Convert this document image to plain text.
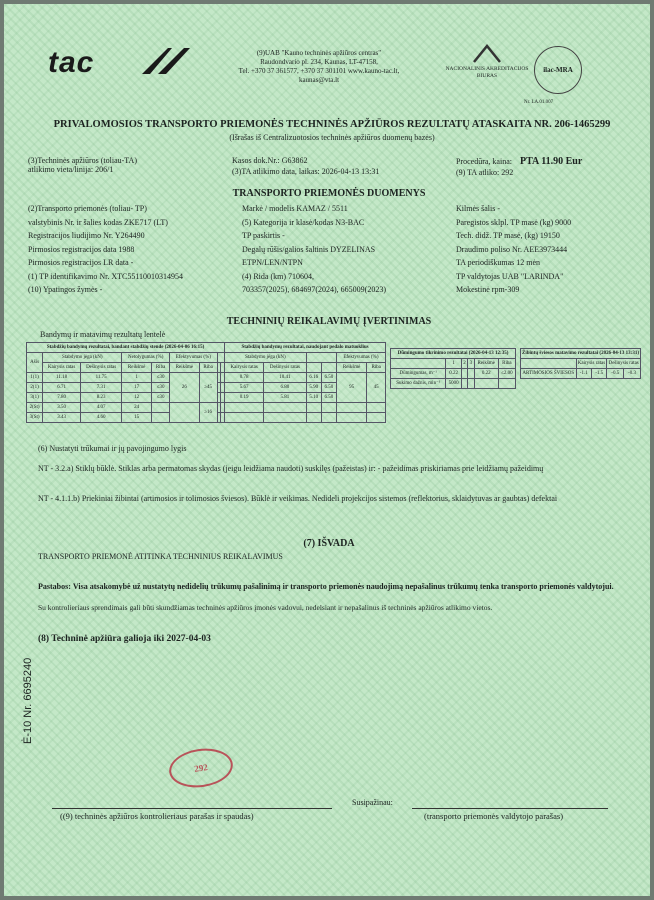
tac	(9)UAB "Kauno techninės apžiūros centras"
Raudondvario pl. 234, Kaunas, LT-47158,
Tel. +370 37 361577, +370 37 301101 www.kauno-tac.lt,
kaunas@vta.lt
NACIONALINIS AKREDITACIJOS BIURAS
ilac-MRA
Nr. LA.01.007
PRIVALOMOSIOS TRANSPORTO PRIEMONĖS TECHNINĖS APŽIŪROS REZULTATŲ ATASKAITA NR. 206-1465299
(Išrašas iš Centralizuotosios techninės apžiūros duomenų bazės)
(3)Techninės apžiūros (toliau-TA)
atlikimo vieta/linija: 206/1
Kasos dok.Nr.: G63862
(3)TA atlikimo data, laikas: 2026-04-13 13:31
Procedūra, kaina: PTA 11.90 Eur
(9) TA atliko: 292
TRANSPORTO PRIEMONĖS DUOMENYS
(2)Transporto priemonės (toliau- TP)
valstybinis Nr. ir šalies kodas ZKE717 (LT)
Registracijos liudijimo Nr. Y264490
Pirmosios registracijos data 1988
Pirmosios registracijos LR data -
(1) TP identifikavimo Nr. XTC55110010314954
(10) Ypatingos žymės -
Markė / modelis KAMAZ / 5511
(5) Kategorija ir klasė/kodas N3-BAC
TP paskirtis -
Degalų rūšis/galios šaltinis DYZELINAS
ETPN/LEN/NTPN
(4) Rida (km) 710604,
703357(2025), 684697(2024), 665009(2023)
Kilmės šalis -
Paregistos sklpl. TP masė (kg) 9000
Tech. didž. TP masė, (kg) 19150
Draudimo poliso Nr. AEE3973444
TA periodiškumas 12 mėn
TP valdytojas UAB "LARINDA"
Mokestinė rpm-309
TECHNINIŲ REIKALAVIMŲ ĮVERTINIMAS
Bandymų ir matavimų rezultatų lentelė
Stabdžių bandymų rezultatai, bandant stabdžių stende (2026-04-06 16:15)									Stabdžių bandymų rezultatai, naudojant pedalo matuoklius					
Ašis	Stabdymo jėga (kN)		Netolygumas (%)		Efektyvumas (%)				Stabdymo jėga (kN)				Efektyvumas (%)	
	Kairysis ratas	Dešinysis ratas	Reikšmė	Riba	Reikšmė	Riba			Kairysis ratas	Dešinysis ratas			Reikšmė	Riba
1(1)	11.18	11.75	1	≤30	26	≥45			0.78	10.41	6.16	6.50	95	45
2(1)	6.71	7.31	17	≤30					5.67	6.80	5.90	6.50		
3(1)	7.80	8.23	12	≤30					0.19	5.81	5.10	6.50		
2(St)	3.50	4.07	24			≥16								
3(St)	3.43	4.60	15											
Dūmingumo tikrinimo rezultatai (2026-04-13 12:35)					
	1	2	3	Reikšmė	Riba
Dūmingumas, m⁻¹	0.22			0.22	≤2.00
Sukimo dažnis, min⁻¹	5000				
Žibintų šviesos matavimo rezultatai (2026-04-13 13:31)				
	Kairysis ratas		Dešinysis ratas	
ARTIMOSIOS ŠVIESOS	-1.1	-1.5	-0.5	-0.3
(6) Nustatyti trūkumai ir jų pavojingumo lygis
NT - 3.2.a) Stiklų būklė. Stiklas arba permatomas skydas (jeigu leidžiama naudoti) suskilęs (pažeistas) ir: - pažeidimas priskiriamas prie leidžiamų pažeidimų
NT - 4.1.1.b) Priekiniai žibintai (artimosios ir tolimosios šviesos). Būklė ir veikimas. Nedideli projekcijos sistemos (reflektorius, sklaidytuvas ar gaubtas) defektai
(7) IŠVADA
TRANSPORTO PRIEMONĖ ATITINKA TECHNINIUS REIKALAVIMUS
Pastabos: Visa atsakomybė už nustatytų nedidelių trūkumų pašalinimą ir transporto priemonės naudojimą nepašalinus trūkumų tenka transporto priemonės valdytojui.
Su kontrolieriaus sprendimais gali būti skundžiamas techninės apžiūros įmonės vadovui, nedelsiant ir nepašalinus iš techninės apžiūros atlikimo vietos.
(8) Techninė apžiūra galioja iki 2027-04-03
292
Susipažinau:
((9) techninės apžiūros kontrolieriaus parašas ir spaudas)	(transporto priemonės valdytojo parašas)
Ė-10 Nr. 6695240
